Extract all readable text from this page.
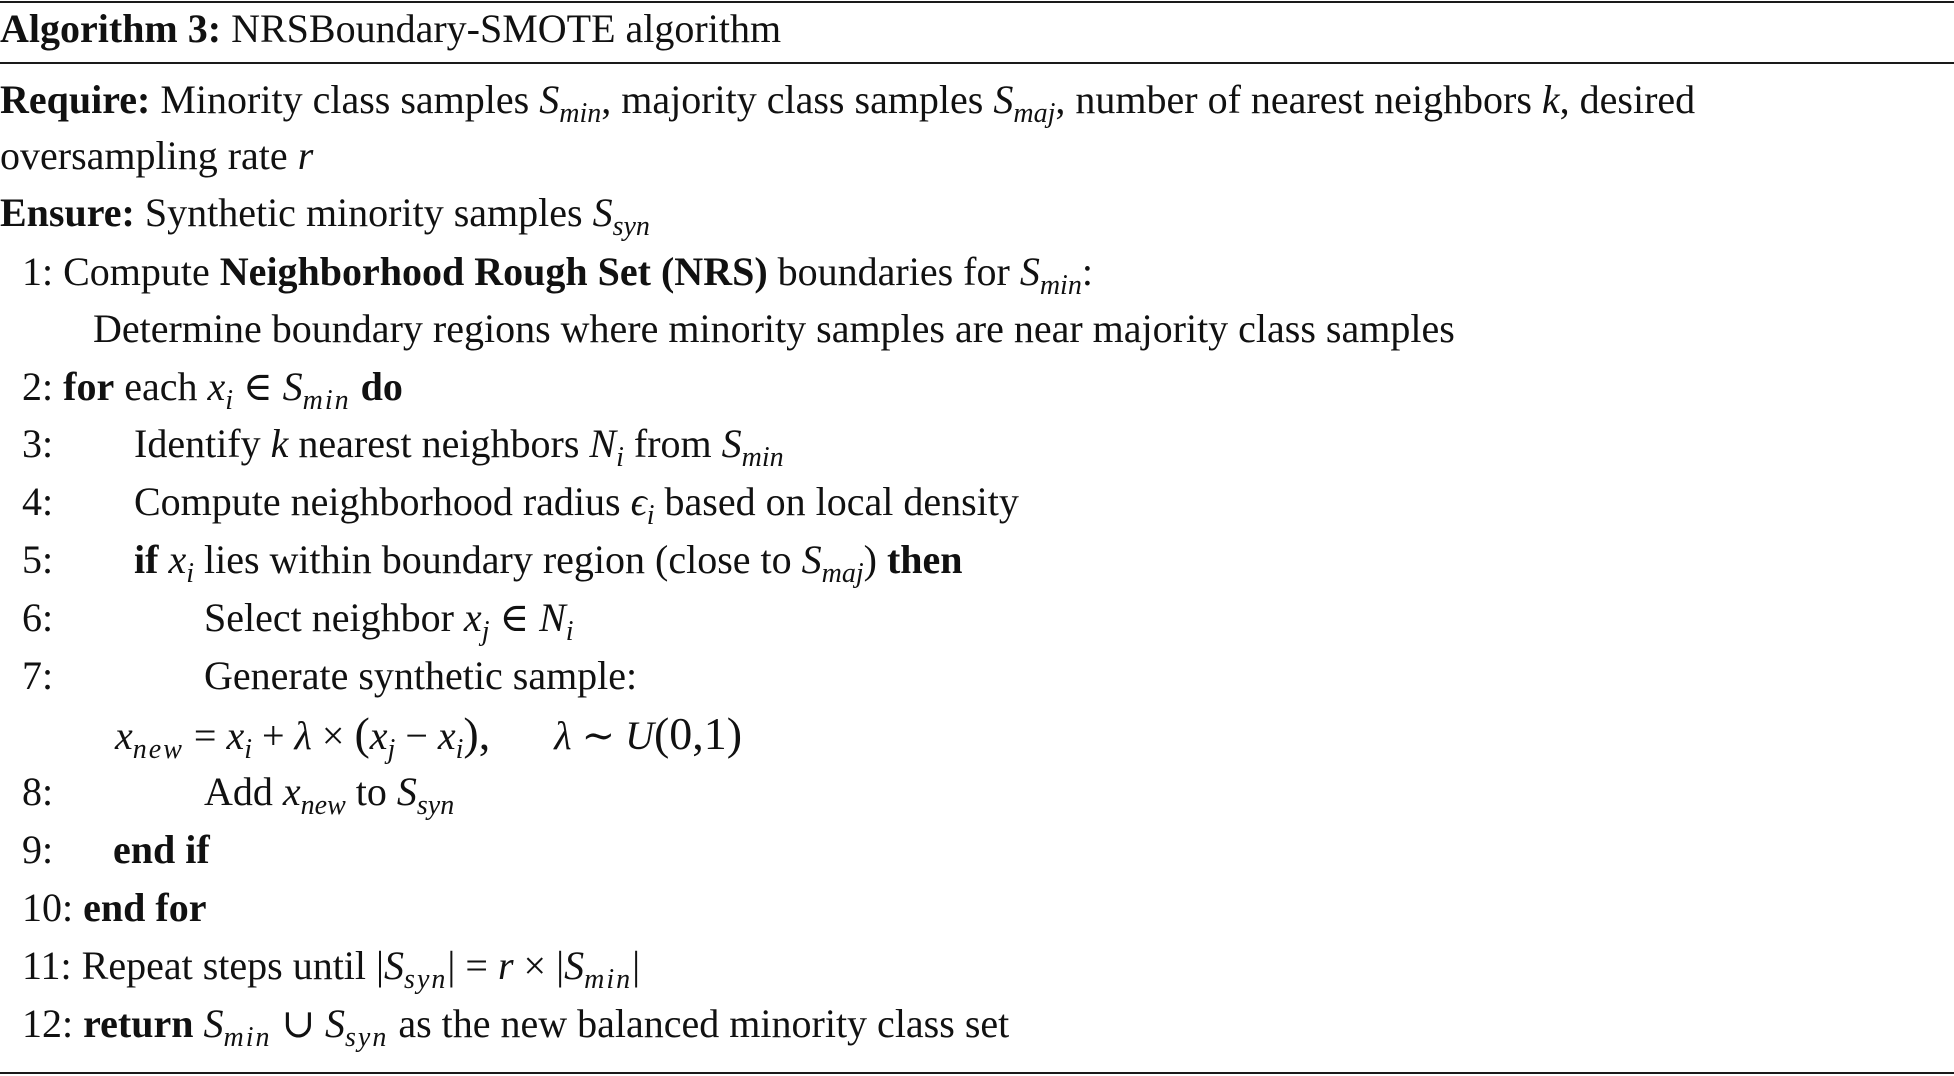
Algorithm 3: NRSBoundary-SMOTE algorithm
Require: Minority class samples $S_{min}$, majority class samples $S_{maj}$, number of nearest neighbors k, desired
oversampling rate r
Ensure: Synthetic minority samples $S_{syn}$
1: Compute Neighborhood Rough Set (NRS) boundaries for $S_{min}$:
Determine boundary regions where minority samples are near majority class samples
2: for each $x_i$ ∈ $S_{min}$ do
3: Identify k nearest neighbors $N_i$ from $S_{min}$
4: Compute neighborhood radius $\epsilon_i$ based on local density
5: if $x_i$ lies within boundary region (close to $S_{maj}$) then
6:	Select neighbor $x_j$ ∈ $N_i$
7:	Generate synthetic sample:
$x_{new} = x_i + \lambda \times (x_j - x_i)$, λ ∼ U(0,1)
8:	Add $x_{new}$ to $S_{syn}$
9: end if
10: end for
11: Repeat steps until $|S_{syn}| = r \times |S_{min}|$
12: return $S_{min}$ ∪ $S_{syn}$ as the new balanced minority class set
